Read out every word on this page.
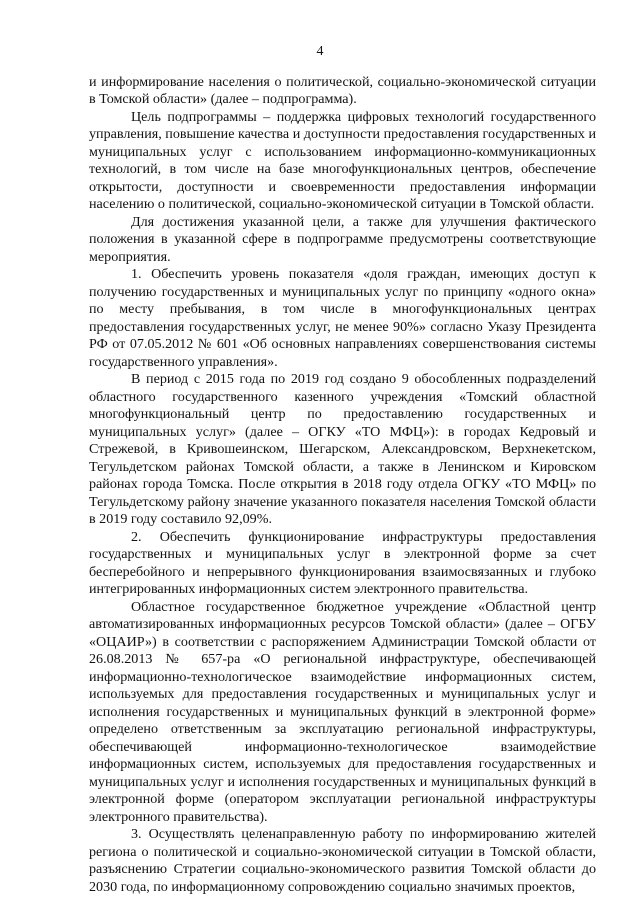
4

и информирование населения о политической, социально-экономической ситуации в Томской области» (далее – подпрограмма).

Цель подпрограммы – поддержка цифровых технологий государственного управления, повышение качества и доступности предоставления государственных и муниципальных услуг с использованием информационно-коммуникационных технологий, в том числе на базе многофункциональных центров, обеспечение открытости, доступности и своевременности предоставления информации населению о политической, социально-экономической ситуации в Томской области.

Для достижения указанной цели, а также для улучшения фактического положения в указанной сфере в подпрограмме предусмотрены соответствующие мероприятия.

1. Обеспечить уровень показателя «доля граждан, имеющих доступ к получению государственных и муниципальных услуг по принципу «одного окна» по месту пребывания, в том числе в многофункциональных центрах предоставления государственных услуг, не менее 90%» согласно Указу Президента РФ от 07.05.2012 № 601 «Об основных направлениях совершенствования системы государственного управления».

В период с 2015 года по 2019 год создано 9 обособленных подразделений областного государственного казенного учреждения «Томский областной многофункциональный центр по предоставлению государственных и муниципальных услуг» (далее – ОГКУ «ТО МФЦ»): в городах Кедровый и Стрежевой, в Кривошеинском, Шегарском, Александровском, Верхнекетском, Тегульдетском районах Томской области, а также в Ленинском и Кировском районах города Томска. После открытия в 2018 году отдела ОГКУ «ТО МФЦ» по Тегульдетскому району значение указанного показателя населения Томской области в 2019 году составило 92,09%.

2. Обеспечить функционирование инфраструктуры предоставления государственных и муниципальных услуг в электронной форме за счет бесперебойного и непрерывного функционирования взаимосвязанных и глубоко интегрированных информационных систем электронного правительства.

Областное государственное бюджетное учреждение «Областной центр автоматизированных информационных ресурсов Томской области» (далее – ОГБУ «ОЦАИР») в соответствии с распоряжением Администрации Томской области от 26.08.2013 № 657-ра «О региональной инфраструктуре, обеспечивающей информационно-технологическое взаимодействие информационных систем, используемых для предоставления государственных и муниципальных услуг и исполнения государственных и муниципальных функций в электронной форме» определено ответственным за эксплуатацию региональной инфраструктуры, обеспечивающей информационно-технологическое взаимодействие информационных систем, используемых для предоставления государственных и муниципальных услуг и исполнения государственных и муниципальных функций в электронной форме (оператором эксплуатации региональной инфраструктуры электронного правительства).

3. Осуществлять целенаправленную работу по информированию жителей региона о политической и социально-экономической ситуации в Томской области, разъяснению Стратегии социально-экономического развития Томской области до 2030 года, по информационному сопровождению социально значимых проектов,
